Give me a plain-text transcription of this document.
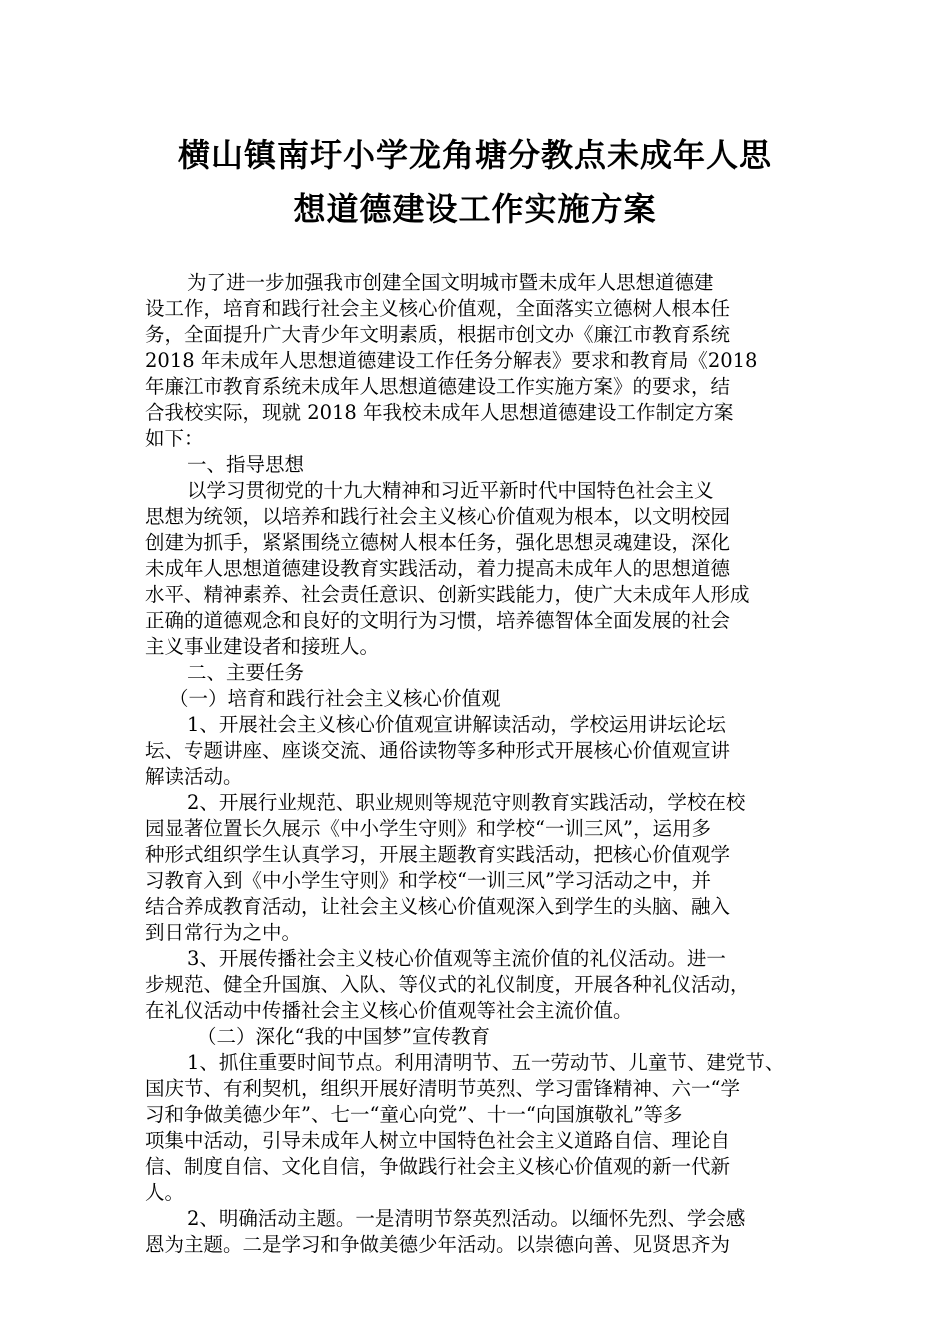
横山镇南圩小学龙角塘分教点未成年人思
想道德建设工作实施方案
为了进一步加强我市创建全国文明城市暨未成年人思想道德建
设工作，培育和践行社会主义核心价值观，全面落实立德树人根本任
务，全面提升广大青少年文明素质，根据市创文办《廉江市教育系统
2018 年未成年人思想道德建设工作任务分解表》要求和教育局《2018
年廉江市教育系统未成年人思想道德建设工作实施方案》的要求，结
合我校实际，现就 2018 年我校未成年人思想道德建设工作制定方案
如下：
一、指导思想
以学习贯彻党的十九大精神和习近平新时代中国特色社会主义
思想为统领，以培养和践行社会主义核心价值观为根本，以文明校园
创建为抓手，紧紧围绕立德树人根本任务，强化思想灵魂建设，深化
未成年人思想道德建设教育实践活动，着力提高未成年人的思想道德
水平、精神素养、社会责任意识、创新实践能力，使广大未成年人形成
正确的道德观念和良好的文明行为习惯，培养德智体全面发展的社会
主义事业建设者和接班人。
二、主要任务
（一）培育和践行社会主义核心价值观
1、开展社会主义核心价值观宣讲解读活动，学校运用讲坛论坛
坛、专题讲座、座谈交流、通俗读物等多种形式开展核心价值观宣讲
解读活动。
2、开展行业规范、职业规则等规范守则教育实践活动，学校在校
园显著位置长久展示《中小学生守则》和学校“一训三风”，运用多
种形式组织学生认真学习，开展主题教育实践活动，把核心价值观学
习教育入到《中小学生守则》和学校“一训三风”学习活动之中，并
结合养成教育活动，让社会主义核心价值观深入到学生的头脑、融入
到日常行为之中。
3、开展传播社会主义枝心价值观等主流价值的礼仪活动。进一
步规范、健全升国旗、入队、等仪式的礼仪制度，开展各种礼仪活动，
在礼仪活动中传播社会主义核心价值观等社会主流价值。
（二）深化“我的中国梦”宣传教育
1、抓住重要时间节点。利用清明节、五一劳动节、儿童节、建党节、
国庆节、有利契机，组织开展好清明节英烈、学习雷锋精神、六一“学
习和争做美德少年”、七一“童心向党”、十一“向国旗敬礼”等多
项集中活动，引导未成年人树立中国特色社会主义道路自信、理论自
信、制度自信、文化自信，争做践行社会主义核心价值观的新一代新
人。
2、明确活动主题。一是清明节祭英烈活动。以缅怀先烈、学会感
恩为主题。二是学习和争做美德少年活动。以崇德向善、见贤思齐为
